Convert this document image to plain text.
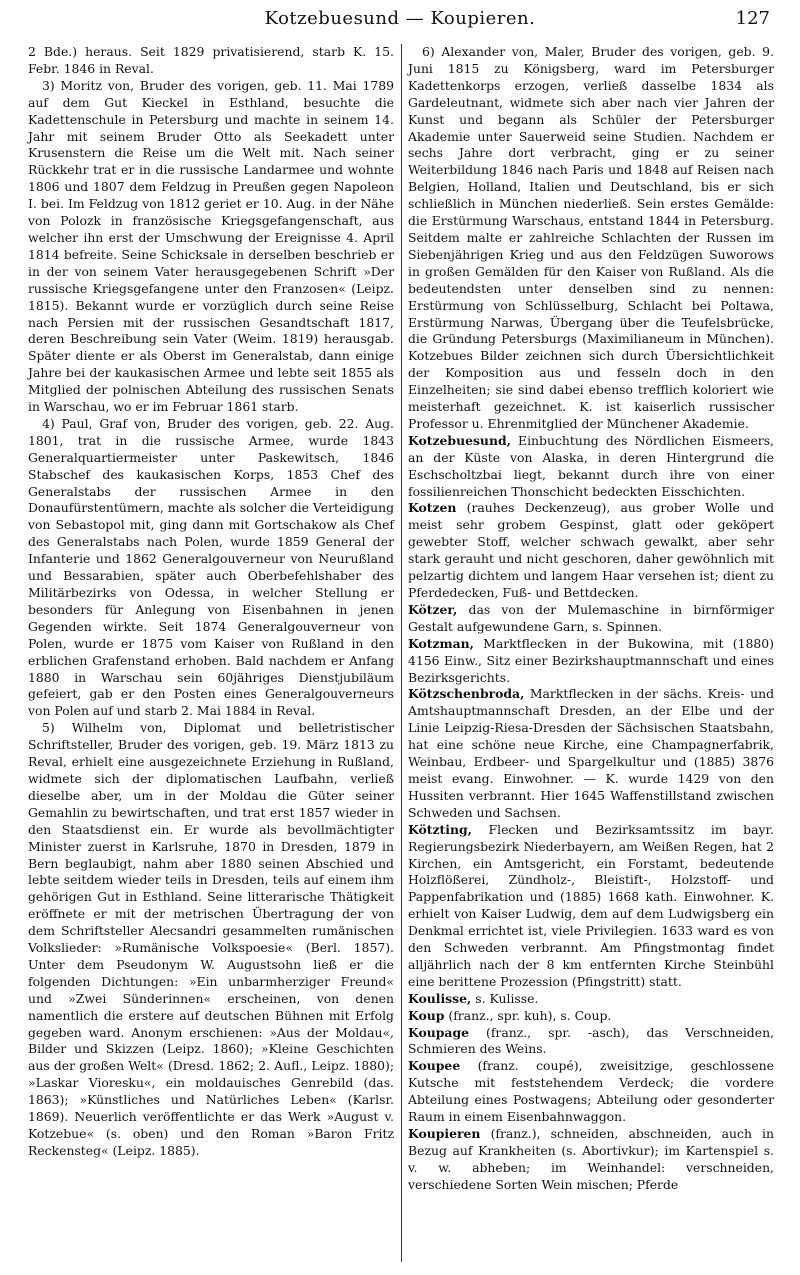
Kotzebuesund — Koupieren.	127

2 Bde.) heraus. Seit 1829 privatisierend, starb K. 15. Febr. 1846 in Reval.

3) Moritz von, Bruder des vorigen, geb. 11. Mai 1789 auf dem Gut Kieckel in Esthland, besuchte die Kadettenschule in Petersburg und machte in seinem 14. Jahr mit seinem Bruder Otto als Seekadett unter Krusenstern die Reise um die Welt mit. Nach seiner Rückkehr trat er in die russische Landarmee und wohnte 1806 und 1807 dem Feldzug in Preußen gegen Napoleon I. bei. Im Feldzug von 1812 geriet er 10. Aug. in der Nähe von Polozk in französische Kriegsgefangenschaft, aus welcher ihn erst der Umschwung der Ereignisse 4. April 1814 befreite. Seine Schicksale in derselben beschrieb er in der von seinem Vater herausgegebenen Schrift »Der russische Kriegsgefangene unter den Franzosen« (Leipz. 1815). Bekannt wurde er vorzüglich durch seine Reise nach Persien mit der russischen Gesandtschaft 1817, deren Beschreibung sein Vater (Weim. 1819) herausgab. Später diente er als Oberst im Generalstab, dann einige Jahre bei der kaukasischen Armee und lebte seit 1855 als Mitglied der polnischen Abteilung des russischen Senats in Warschau, wo er im Februar 1861 starb.

4) Paul, Graf von, Bruder des vorigen, geb. 22. Aug. 1801, trat in die russische Armee, wurde 1843 Generalquartiermeister unter Paskewitsch, 1846 Stabschef des kaukasischen Korps, 1853 Chef des Generalstabs der russischen Armee in den Donaufürstentümern, machte als solcher die Verteidigung von Sebastopol mit, ging dann mit Gortschakow als Chef des Generalstabs nach Polen, wurde 1859 General der Infanterie und 1862 Generalgouverneur von Neurußland und Bessarabien, später auch Oberbefehlshaber des Militärbezirks von Odessa, in welcher Stellung er besonders für Anlegung von Eisenbahnen in jenen Gegenden wirkte. Seit 1874 Generalgouverneur von Polen, wurde er 1875 vom Kaiser von Rußland in den erblichen Grafenstand erhoben. Bald nachdem er Anfang 1880 in Warschau sein 60jähriges Dienstjubiläum gefeiert, gab er den Posten eines Generalgouverneurs von Polen auf und starb 2. Mai 1884 in Reval.

5) Wilhelm von, Diplomat und belletristischer Schriftsteller, Bruder des vorigen, geb. 19. März 1813 zu Reval, erhielt eine ausgezeichnete Erziehung in Rußland, widmete sich der diplomatischen Laufbahn, verließ dieselbe aber, um in der Moldau die Güter seiner Gemahlin zu bewirtschaften, und trat erst 1857 wieder in den Staatsdienst ein. Er wurde als bevollmächtigter Minister zuerst in Karlsruhe, 1870 in Dresden, 1879 in Bern beglaubigt, nahm aber 1880 seinen Abschied und lebte seitdem wieder teils in Dresden, teils auf einem ihm gehörigen Gut in Esthland. Seine litterarische Thätigkeit eröffnete er mit der metrischen Übertragung der von dem Schriftsteller Alecsandri gesammelten rumänischen Volkslieder: »Rumänische Volkspoesie« (Berl. 1857). Unter dem Pseudonym W. Augustsohn ließ er die folgenden Dichtungen: »Ein unbarmherziger Freund« und »Zwei Sünderinnen« erscheinen, von denen namentlich die erstere auf deutschen Bühnen mit Erfolg gegeben ward. Anonym erschienen: »Aus der Moldau«, Bilder und Skizzen (Leipz. 1860); »Kleine Geschichten aus der großen Welt« (Dresd. 1862; 2. Aufl., Leipz. 1880); »Laskar Vioresku«, ein moldauisches Genrebild (das. 1863); »Künstliches und Natürliches Leben« (Karlsr. 1869). Neuerlich veröffentlichte er das Werk »August v. Kotzebue« (s. oben) und den Roman »Baron Fritz Reckensteg« (Leipz. 1885).

6) Alexander von, Maler, Bruder des vorigen, geb. 9. Juni 1815 zu Königsberg, ward im Petersburger Kadettenkorps erzogen, verließ dasselbe 1834 als Gardeleutnant, widmete sich aber nach vier Jahren der Kunst und begann als Schüler der Petersburger Akademie unter Sauerweid seine Studien. Nachdem er sechs Jahre dort verbracht, ging er zu seiner Weiterbildung 1846 nach Paris und 1848 auf Reisen nach Belgien, Holland, Italien und Deutschland, bis er sich schließlich in München niederließ. Sein erstes Gemälde: die Erstürmung Warschaus, entstand 1844 in Petersburg. Seitdem malte er zahlreiche Schlachten der Russen im Siebenjährigen Krieg und aus den Feldzügen Suworows in großen Gemälden für den Kaiser von Rußland. Als die bedeutendsten unter denselben sind zu nennen: Erstürmung von Schlüsselburg, Schlacht bei Poltawa, Erstürmung Narwas, Übergang über die Teufelsbrücke, die Gründung Petersburgs (Maximilianeum in München). Kotzebues Bilder zeichnen sich durch Übersichtlichkeit der Komposition aus und fesseln doch in den Einzelheiten; sie sind dabei ebenso trefflich koloriert wie meisterhaft gezeichnet. K. ist kaiserlich russischer Professor u. Ehrenmitglied der Münchener Akademie.

Kotzebuesund, Einbuchtung des Nördlichen Eismeers, an der Küste von Alaska, in deren Hintergrund die Eschscholtzbai liegt, bekannt durch ihre von einer fossilienreichen Thonschicht bedeckten Eisschichten.

Kotzen (rauhes Deckenzeug), aus grober Wolle und meist sehr grobem Gespinst, glatt oder geköpert gewebter Stoff, welcher schwach gewalkt, aber sehr stark gerauht und nicht geschoren, daher gewöhnlich mit pelzartig dichtem und langem Haar versehen ist; dient zu Pferdedecken, Fuß- und Bettdecken.

Kötzer, das von der Mulemaschine in birnförmiger Gestalt aufgewundene Garn, s. Spinnen.

Kotzman, Marktflecken in der Bukowina, mit (1880) 4156 Einw., Sitz einer Bezirkshauptmannschaft und eines Bezirksgerichts.

Kötzschenbroda, Marktflecken in der sächs. Kreis- und Amtshauptmannschaft Dresden, an der Elbe und der Linie Leipzig-Riesa-Dresden der Sächsischen Staatsbahn, hat eine schöne neue Kirche, eine Champagnerfabrik, Weinbau, Erdbeer- und Spargelkultur und (1885) 3876 meist evang. Einwohner. — K. wurde 1429 von den Hussiten verbrannt. Hier 1645 Waffenstillstand zwischen Schweden und Sachsen.

Kötzting, Flecken und Bezirksamtssitz im bayr. Regierungsbezirk Niederbayern, am Weißen Regen, hat 2 Kirchen, ein Amtsgericht, ein Forstamt, bedeutende Holzflößerei, Zündholz-, Bleistift-, Holzstoff- und Pappenfabrikation und (1885) 1668 kath. Einwohner. K. erhielt von Kaiser Ludwig, dem auf dem Ludwigsberg ein Denkmal errichtet ist, viele Privilegien. 1633 ward es von den Schweden verbrannt. Am Pfingstmontag findet alljährlich nach der 8 km entfernten Kirche Steinbühl eine berittene Prozession (Pfingstritt) statt.

Koulisse, s. Kulisse.

Koup (franz., spr. kuh), s. Coup.

Koupage (franz., spr. -asch), das Verschneiden, Schmieren des Weins.

Koupee (franz. coupé), zweisitzige, geschlossene Kutsche mit feststehendem Verdeck; die vordere Abteilung eines Postwagens; Abteilung oder gesonderter Raum in einem Eisenbahnwaggon.

Koupieren (franz.), schneiden, abschneiden, auch in Bezug auf Krankheiten (s. Abortivkur); im Kartenspiel s. v. w. abheben; im Weinhandel: verschneiden, verschiedene Sorten Wein mischen; Pferde
